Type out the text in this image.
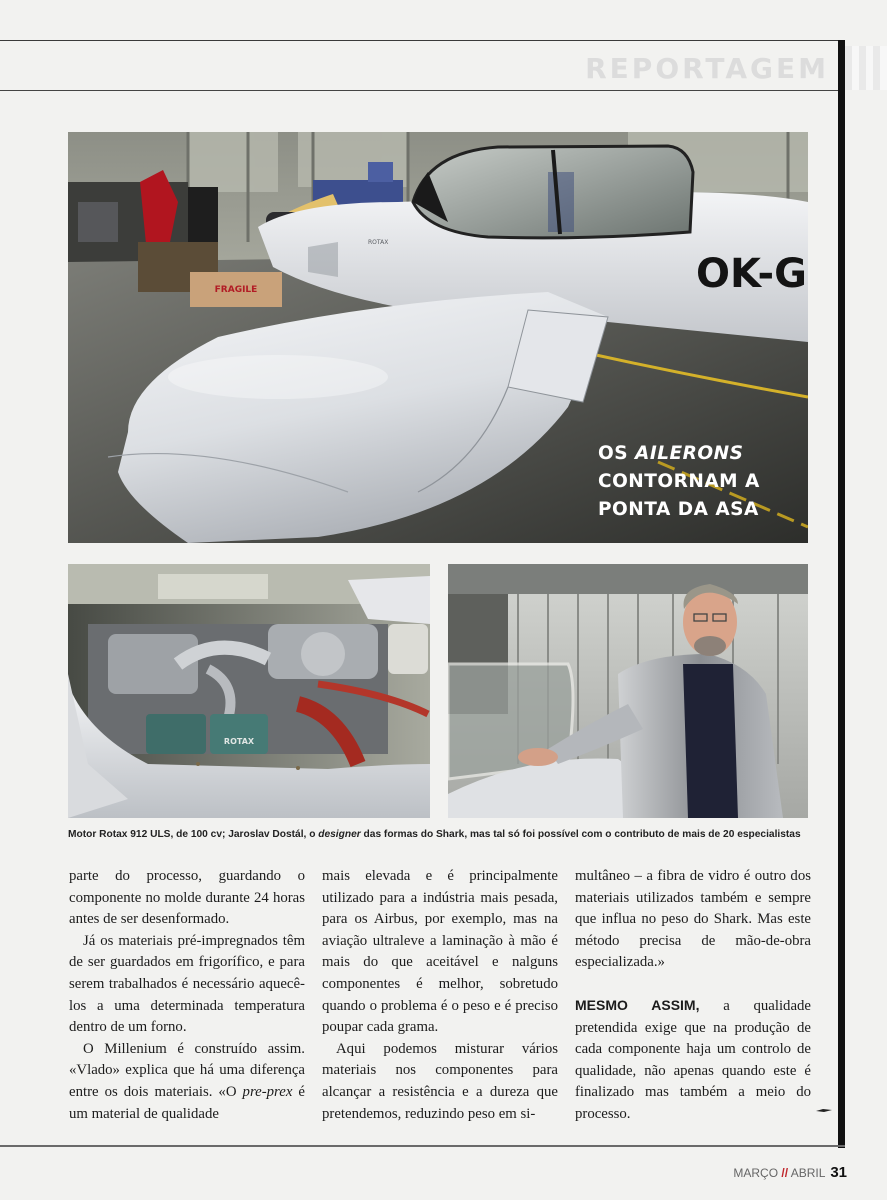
REPORTAGEM
FRAGILE
ROTAX
OK-G
OS AILERONS
CONTORNAM A
PONTA DA ASA
ROTAX
Motor Rotax 912 ULS, de 100 cv; Jaroslav Dostál, o designer das formas do Shark, mas tal só foi possível com o contributo de mais de 20 especialistas

parte do processo, guardando o componente no molde durante 24 horas antes de ser desenformado.

Já os materiais pré-impregnados têm de ser guardados em frigorífico, e para serem trabalhados é necessário aquecê-los a uma determinada temperatura dentro de um forno.

O Millenium é construído assim. «Vlado» explica que há uma diferença entre os dois materiais. «O pre-prex é um material de qualidade

mais elevada e é principalmente utilizado para a indústria mais pesada, para os Airbus, por exemplo, mas na aviação ultraleve a laminação à mão é mais do que aceitável e nalguns componentes é melhor, sobretudo quando o problema é o peso e é preciso poupar cada grama.

Aqui podemos misturar vários materiais nos componentes para alcançar a resistência e a dureza que pretendemos, reduzindo peso em si-

multâneo – a fibra de vidro é outro dos materiais utilizados também e sempre que influa no peso do Shark. Mas este método precisa de mão-de-obra especializada.»

MESMO ASSIM, a qualidade pretendida exige que na produção de cada componente haja um controlo de qualidade, não apenas quando este é finalizado mas também a meio do processo.

MARÇO // ABRIL 31
